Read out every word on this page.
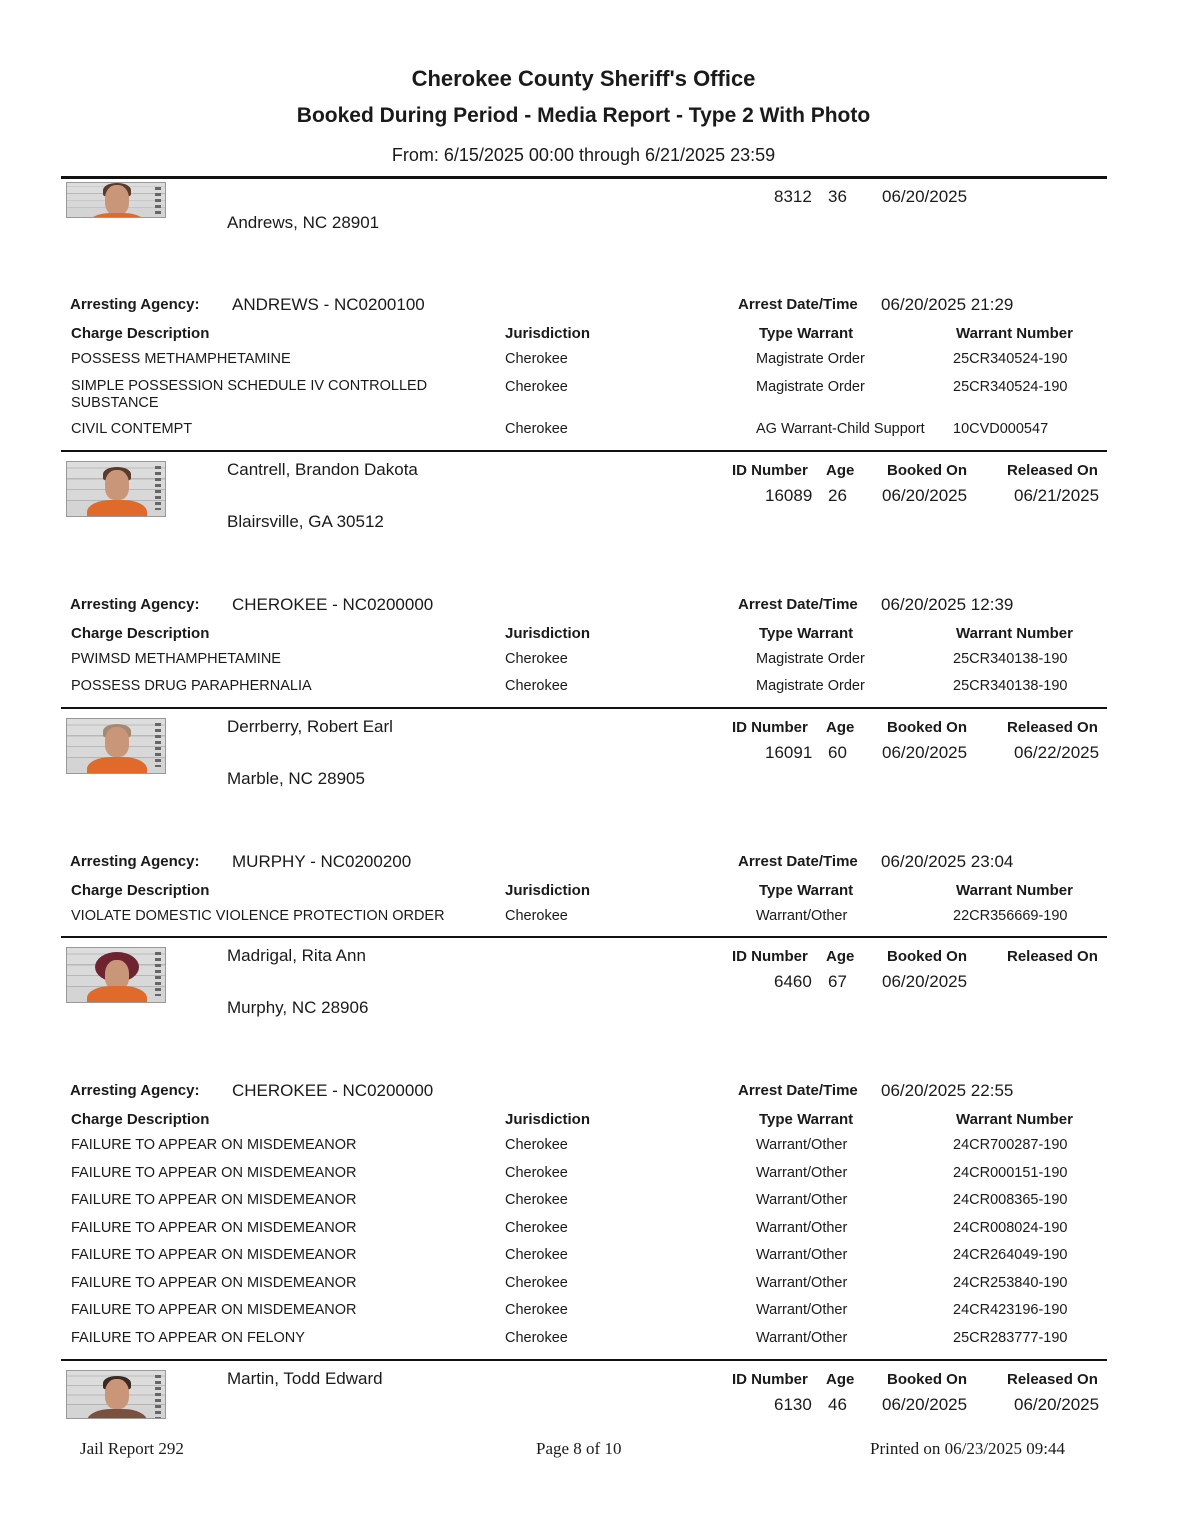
Cherokee County Sheriff's Office
Booked During Period - Media Report - Type 2 With Photo
From: 6/15/2025 00:00 through 6/21/2025 23:59
8312 36 06/20/2025
Andrews, NC 28901
Arresting Agency: ANDREWS - NC0200100	Arrest Date/Time 06/20/2025 21:29
Charge Description	Jurisdiction	Type Warrant	Warrant Number
POSSESS METHAMPHETAMINE	Cherokee	Magistrate Order	25CR340524-190
SIMPLE POSSESSION SCHEDULE IV CONTROLLED
SUBSTANCE
Cherokee	Magistrate Order	25CR340524-190
CIVIL CONTEMPT	Cherokee	AG Warrant-Child Support 10CVD000547
Cantrell, Brandon Dakota	ID Number Age Booked On	Released On
16089 26 06/20/2025	06/21/2025
Blairsville, GA 30512
Arresting Agency: CHEROKEE - NC0200000	Arrest Date/Time 06/20/2025 12:39
Charge Description	Jurisdiction	Type Warrant	Warrant Number
PWIMSD METHAMPHETAMINE	Cherokee	Magistrate Order	25CR340138-190
POSSESS DRUG PARAPHERNALIA	Cherokee	Magistrate Order	25CR340138-190
Derrberry, Robert Earl	ID Number Age Booked On	Released On
16091 60 06/20/2025	06/22/2025
Marble, NC 28905
Arresting Agency: MURPHY - NC0200200	Arrest Date/Time 06/20/2025 23:04
Charge Description	Jurisdiction	Type Warrant	Warrant Number
VIOLATE DOMESTIC VIOLENCE PROTECTION ORDER	Cherokee	Warrant/Other	22CR356669-190
Madrigal, Rita Ann	ID Number Age Booked On	Released On
6460 67 06/20/2025
Murphy, NC 28906
Arresting Agency: CHEROKEE - NC0200000	Arrest Date/Time 06/20/2025 22:55
Charge Description	Jurisdiction	Type Warrant	Warrant Number
FAILURE TO APPEAR ON MISDEMEANOR	Cherokee	Warrant/Other	24CR700287-190
FAILURE TO APPEAR ON MISDEMEANOR	Cherokee	Warrant/Other	24CR000151-190
FAILURE TO APPEAR ON MISDEMEANOR	Cherokee	Warrant/Other	24CR008365-190
FAILURE TO APPEAR ON MISDEMEANOR	Cherokee	Warrant/Other	24CR008024-190
FAILURE TO APPEAR ON MISDEMEANOR	Cherokee	Warrant/Other	24CR264049-190
FAILURE TO APPEAR ON MISDEMEANOR	Cherokee	Warrant/Other	24CR253840-190
FAILURE TO APPEAR ON MISDEMEANOR	Cherokee	Warrant/Other	24CR423196-190
FAILURE TO APPEAR ON FELONY	Cherokee	Warrant/Other	25CR283777-190
Martin, Todd Edward	ID Number Age Booked On	Released On
6130 46 06/20/2025	06/20/2025
Jail Report 292	Page 8 of 10	Printed on 06/23/2025 09:44
